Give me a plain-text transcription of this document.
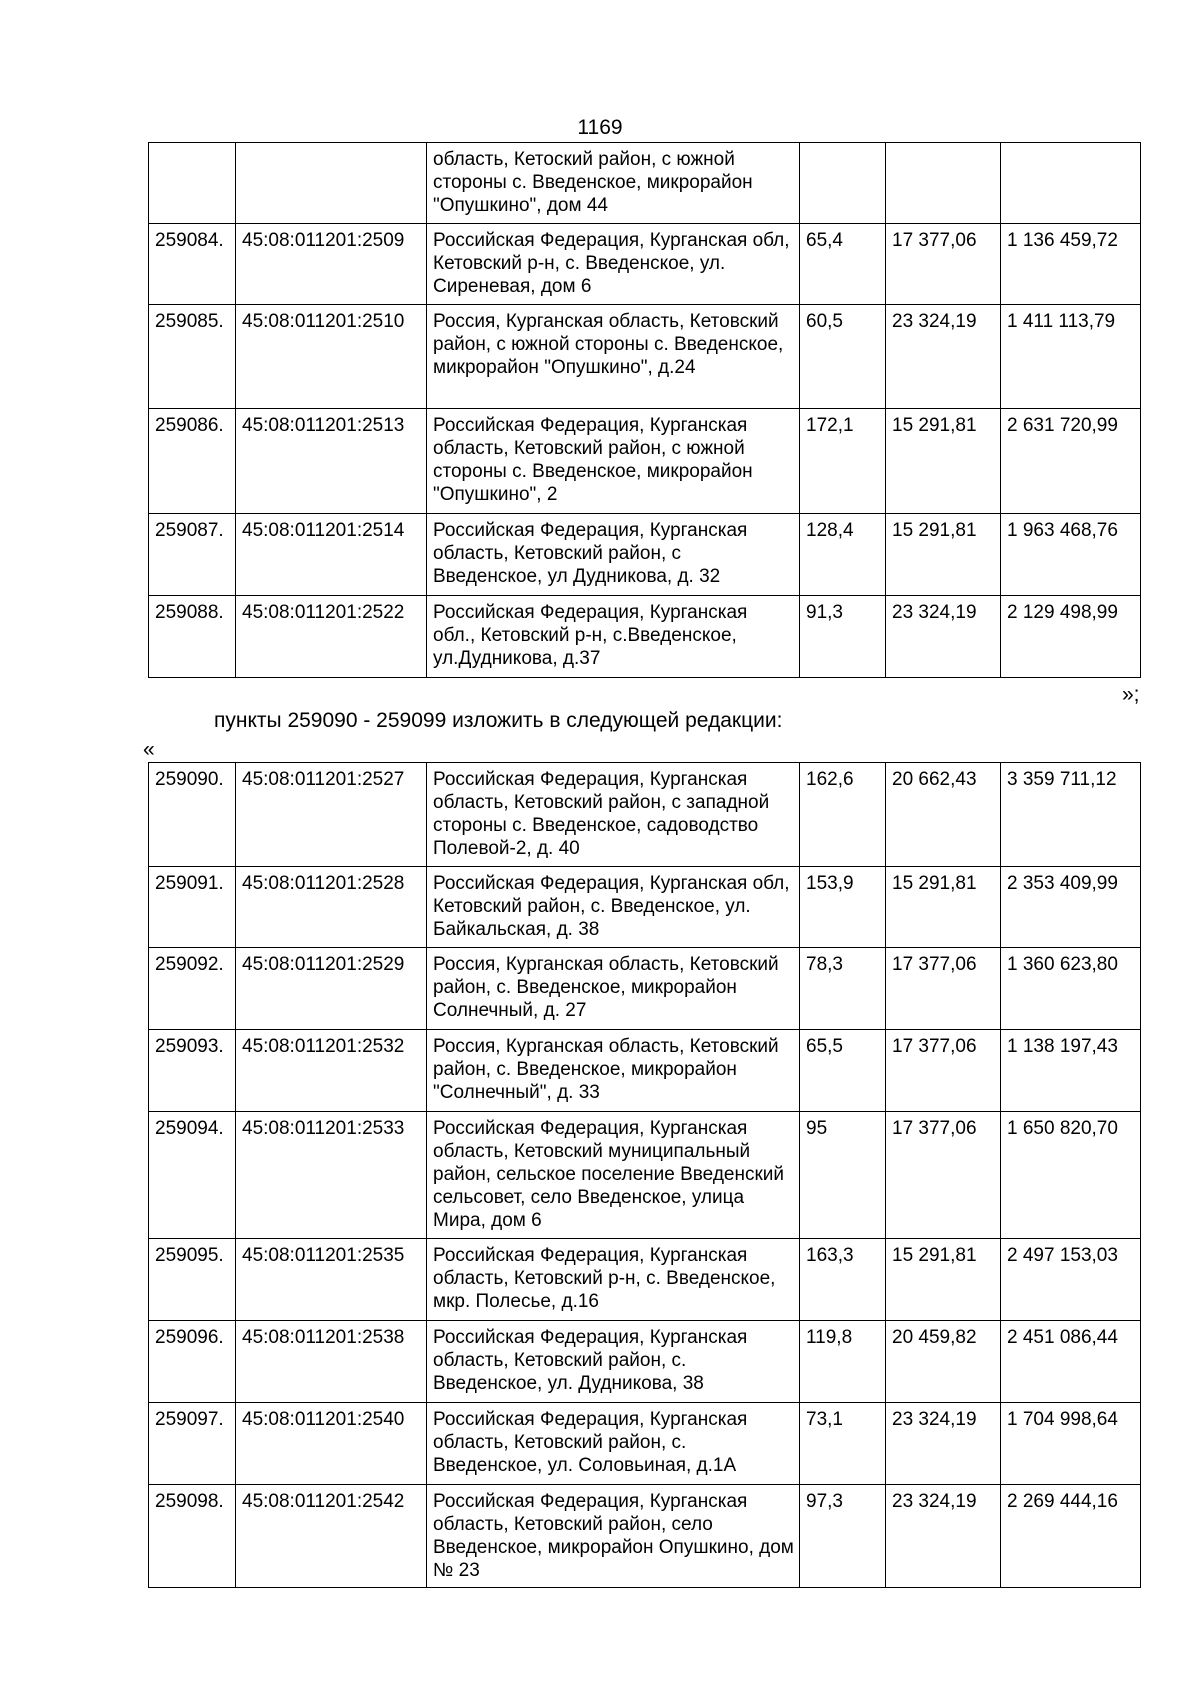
1169
		область, Кетоский район, с южной стороны с. Введенское, микрорайон "Опушкино", дом 44			
259084.	45:08:011201:2509	Российская Федерация, Курганская обл, Кетовский р-н, с. Введенское, ул. Сиреневая, дом 6	65,4	17 377,06	1 136 459,72
259085.	45:08:011201:2510	Россия, Курганская область, Кетовский район, с южной стороны с. Введенское, микрорайон "Опушкино", д.24	60,5	23 324,19	1 411 113,79
259086.	45:08:011201:2513	Российская Федерация, Курганская область, Кетовский район, с южной стороны с. Введенское, микрорайон "Опушкино", 2	172,1	15 291,81	2 631 720,99
259087.	45:08:011201:2514	Российская Федерация, Курганская область, Кетовский район, с Введенское, ул Дудникова, д. 32	128,4	15 291,81	1 963 468,76
259088.	45:08:011201:2522	Российская Федерация, Курганская обл., Кетовский р-н, с.Введенское, ул.Дудникова, д.37	91,3	23 324,19	2 129 498,99
»;
пункты 259090 - 259099 изложить в следующей редакции:
«
259090.	45:08:011201:2527	Российская Федерация, Курганская область, Кетовский район, с западной стороны с. Введенское, садоводство Полевой-2, д. 40	162,6	20 662,43	3 359 711,12
259091.	45:08:011201:2528	Российская Федерация, Курганская обл, Кетовский район, с. Введенское, ул. Байкальская, д. 38	153,9	15 291,81	2 353 409,99
259092.	45:08:011201:2529	Россия, Курганская область, Кетовский район, с. Введенское, микрорайон Солнечный, д. 27	78,3	17 377,06	1 360 623,80
259093.	45:08:011201:2532	Россия, Курганская область, Кетовский район, с. Введенское, микрорайон "Солнечный", д. 33	65,5	17 377,06	1 138 197,43
259094.	45:08:011201:2533	Российская Федерация, Курганская область, Кетовский муниципальный район, сельское поселение Введенский сельсовет, село Введенское, улица Мира, дом 6	95	17 377,06	1 650 820,70
259095.	45:08:011201:2535	Российская Федерация, Курганская область, Кетовский р-н, с. Введенское, мкр. Полесье, д.16	163,3	15 291,81	2 497 153,03
259096.	45:08:011201:2538	Российская Федерация, Курганская область, Кетовский район, с. Введенское, ул. Дудникова, 38	119,8	20 459,82	2 451 086,44
259097.	45:08:011201:2540	Российская Федерация, Курганская область, Кетовский район, с. Введенское, ул. Соловьиная, д.1А	73,1	23 324,19	1 704 998,64
259098.	45:08:011201:2542	Российская Федерация, Курганская область, Кетовский район, село Введенское, микрорайон Опушкино, дом № 23	97,3	23 324,19	2 269 444,16
